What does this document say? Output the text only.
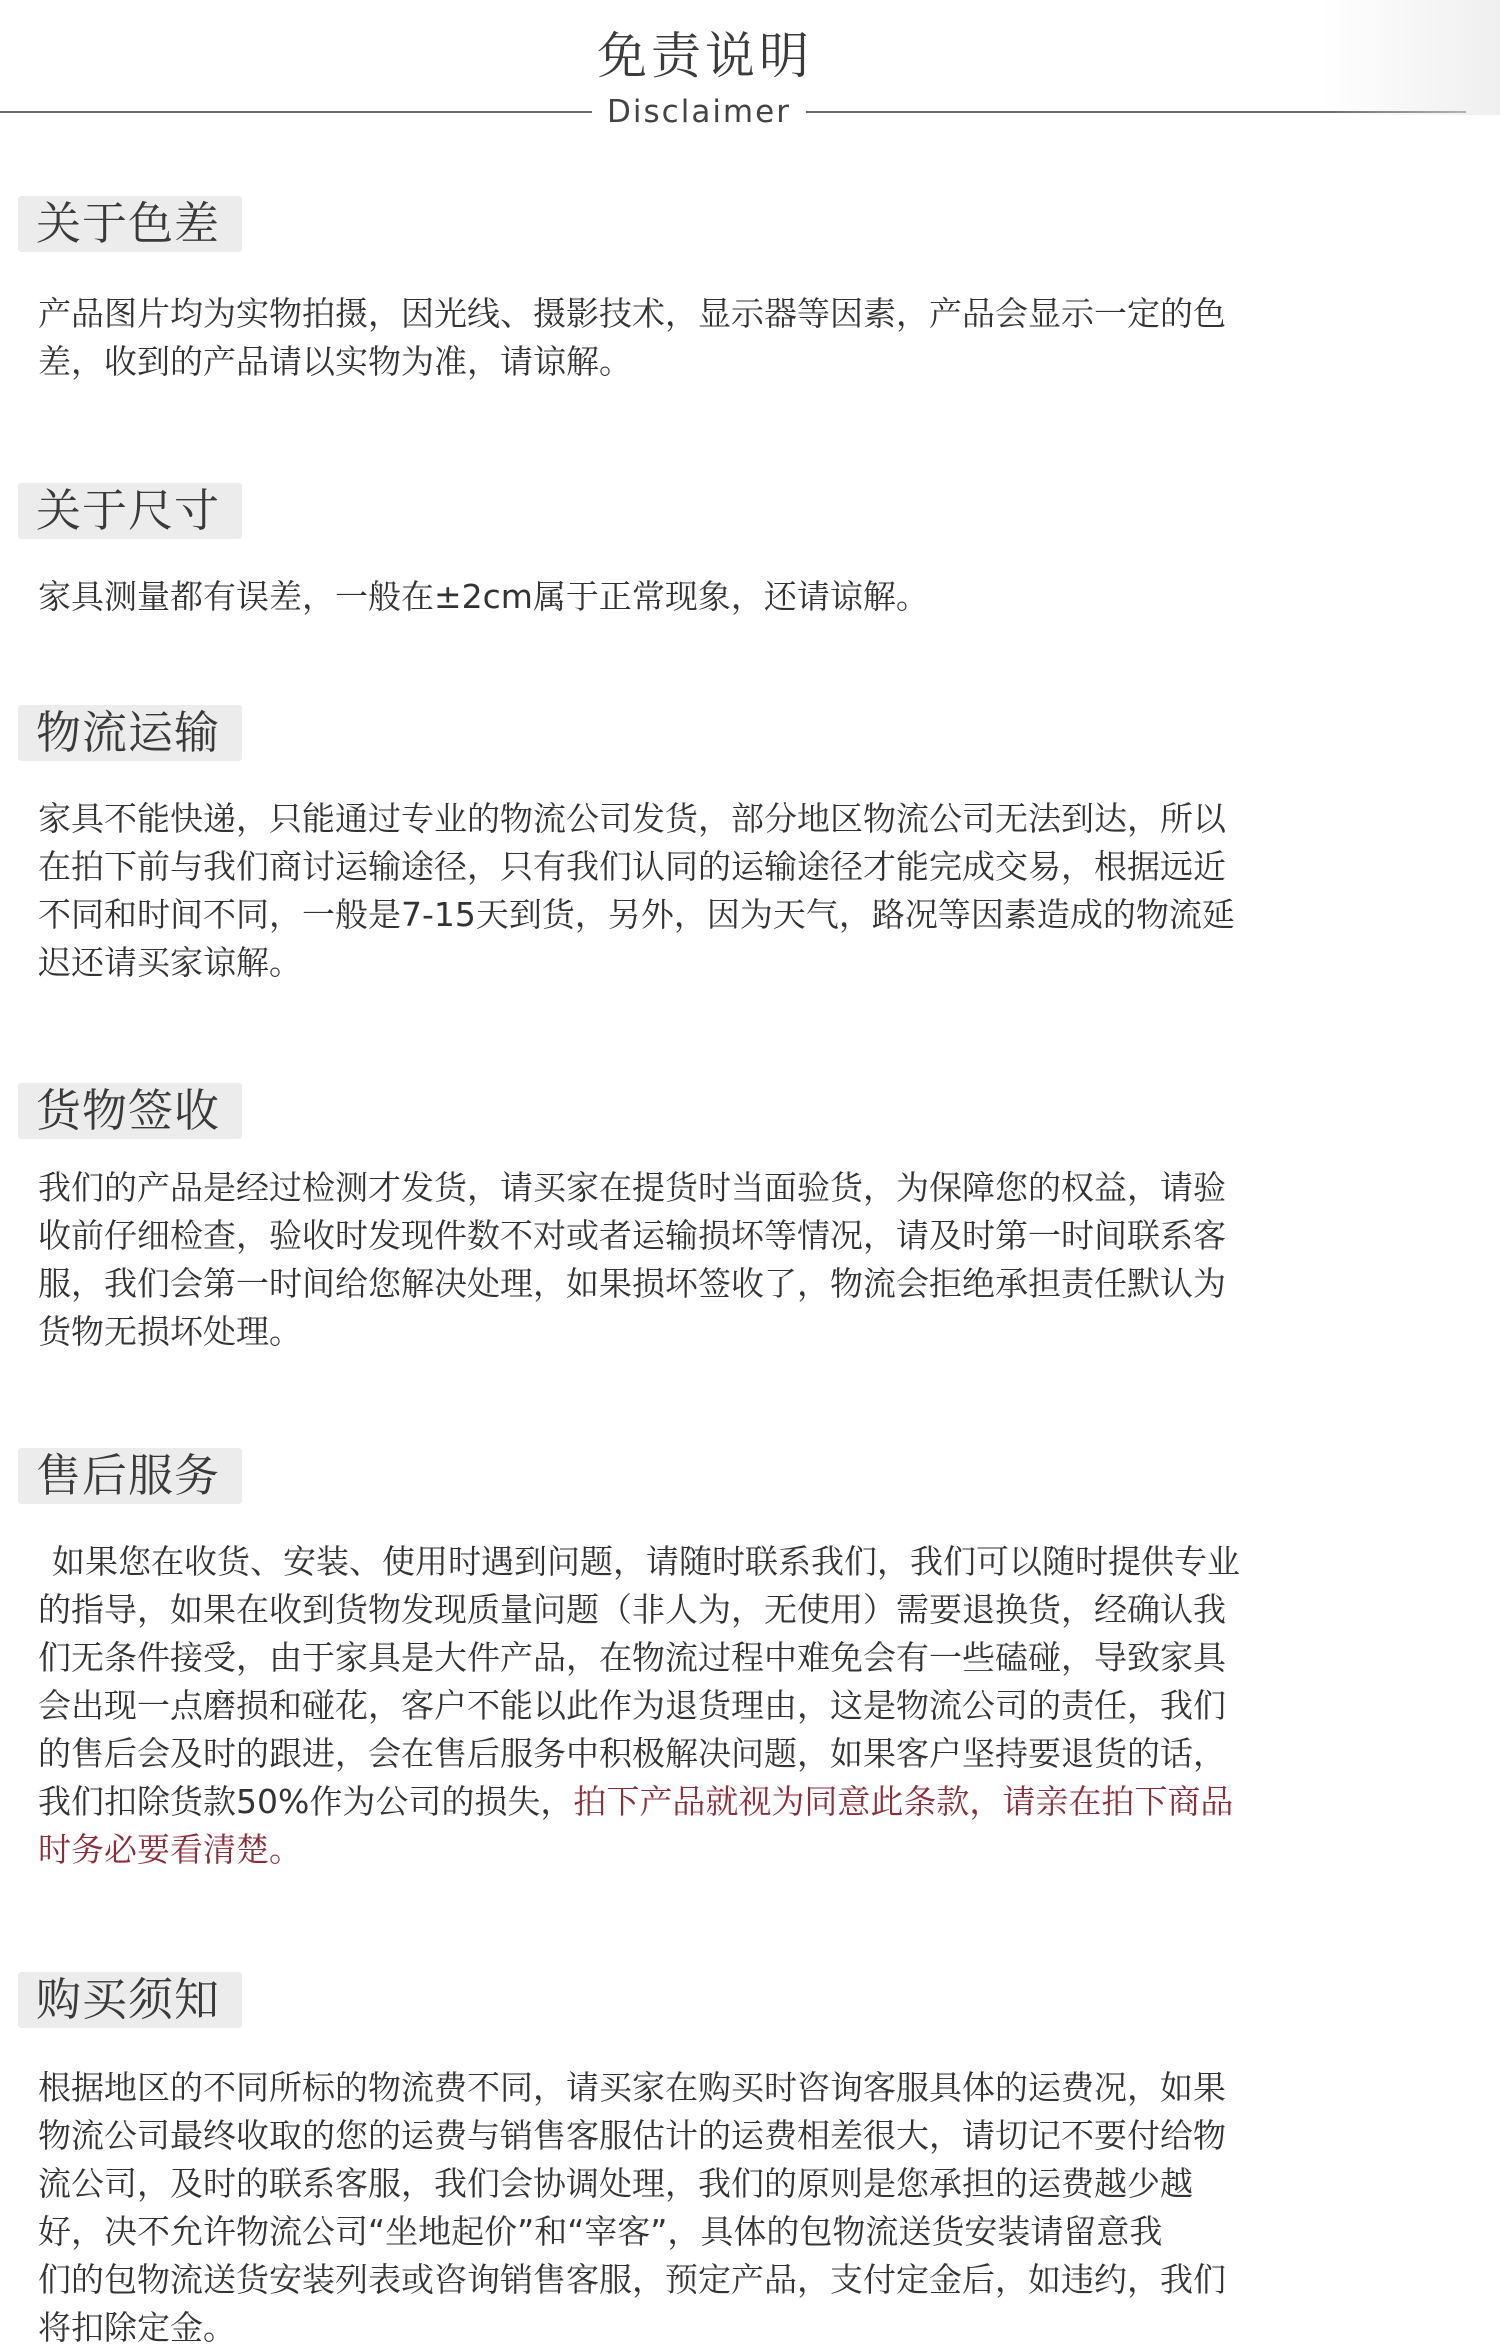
免责说明
Disclaimer
关于色差

产品图片均为实物拍摄，因光线、摄影技术，显示器等因素，产品会显示一定的色
差，收到的产品请以实物为准，请谅解。

关于尺寸

家具测量都有误差，一般在±2cm属于正常现象，还请谅解。

物流运输

家具不能快递，只能通过专业的物流公司发货，部分地区物流公司无法到达，所以
在拍下前与我们商讨运输途径，只有我们认同的运输途径才能完成交易，根据远近
不同和时间不同，一般是7-15天到货，另外，因为天气，路况等因素造成的物流延
迟还请买家谅解。

货物签收

我们的产品是经过检测才发货，请买家在提货时当面验货，为保障您的权益，请验
收前仔细检查，验收时发现件数不对或者运输损坏等情况，请及时第一时间联系客
服，我们会第一时间给您解决处理，如果损坏签收了，物流会拒绝承担责任默认为
货物无损坏处理。

售后服务

如果您在收货、安装、使用时遇到问题，请随时联系我们，我们可以随时提供专业
的指导，如果在收到货物发现质量问题（非人为，无使用）需要退换货，经确认我
们无条件接受，由于家具是大件产品，在物流过程中难免会有一些磕碰，导致家具
会出现一点磨损和碰花，客户不能以此作为退货理由，这是物流公司的责任，我们
的售后会及时的跟进，会在售后服务中积极解决问题，如果客户坚持要退货的话，
我们扣除货款50%作为公司的损失，拍下产品就视为同意此条款，请亲在拍下商品
时务必要看清楚。

购买须知

根据地区的不同所标的物流费不同，请买家在购买时咨询客服具体的运费况，如果
物流公司最终收取的您的运费与销售客服估计的运费相差很大，请切记不要付给物
流公司，及时的联系客服，我们会协调处理，我们的原则是您承担的运费越少越
好，决不允许物流公司“坐地起价”和“宰客”，具体的包物流送货安装请留意我
们的包物流送货安装列表或咨询销售客服，预定产品，支付定金后，如违约，我们
将扣除定金。
